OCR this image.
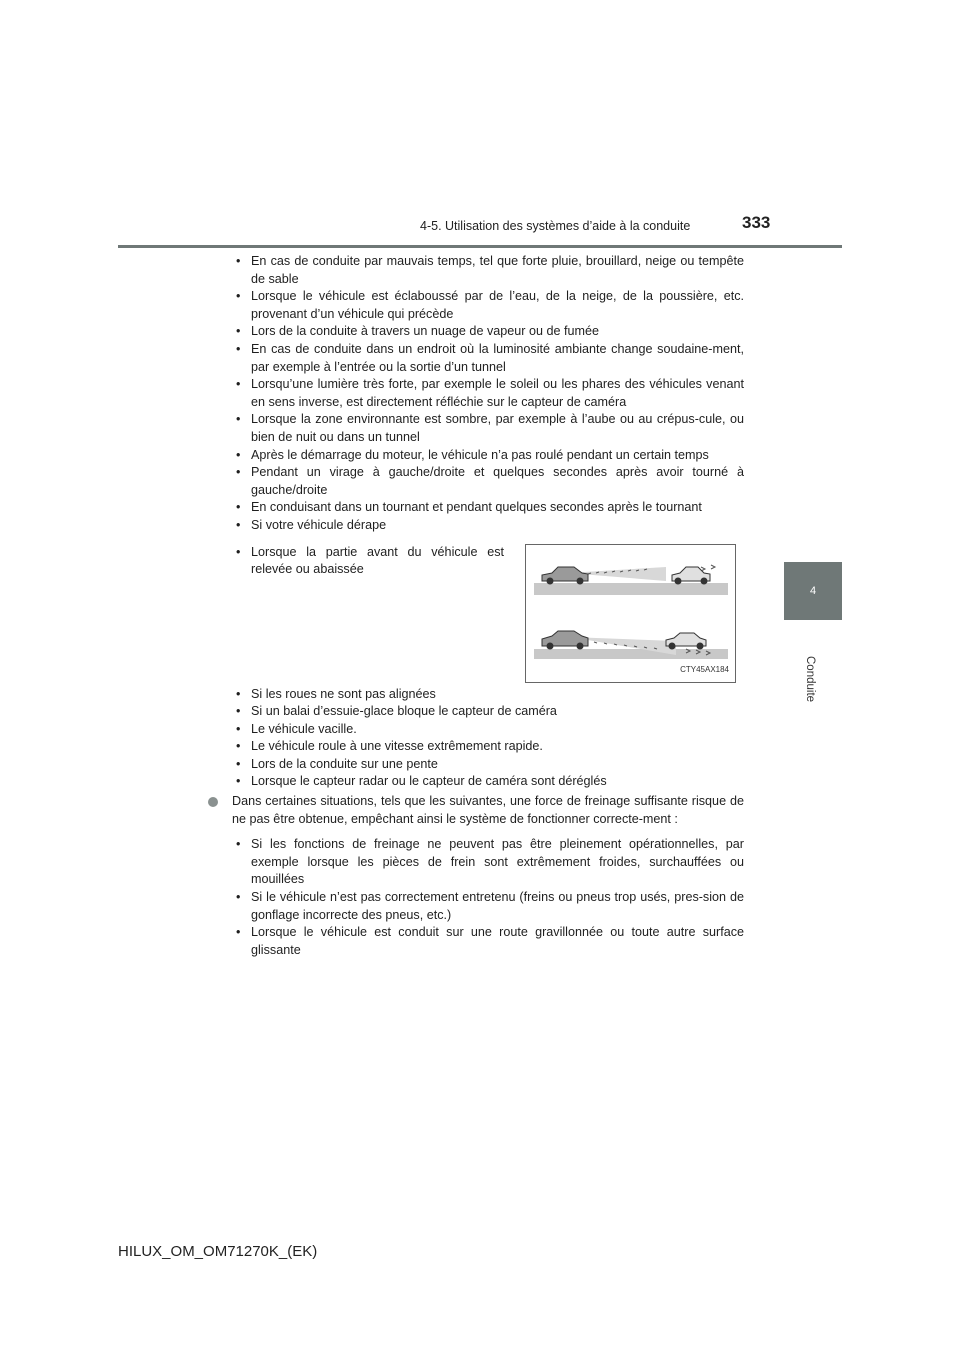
4-5. Utilisation des systèmes d’aide à la conduite	333
4
Conduite
• En cas de conduite par mauvais temps, tel que forte pluie, brouillard, neige ou tempête de sable
• Lorsque le véhicule est éclaboussé par de l’eau, de la neige, de la poussière, etc. provenant d’un véhicule qui précède
• Lors de la conduite à travers un nuage de vapeur ou de fumée
• En cas de conduite dans un endroit où la luminosité ambiante change soudaine-ment, par exemple à l’entrée ou la sortie d’un tunnel
• Lorsqu’une lumière très forte, par exemple le soleil ou les phares des véhicules venant en sens inverse, est directement réfléchie sur le capteur de caméra
• Lorsque la zone environnante est sombre, par exemple à l’aube ou au crépus-cule, ou bien de nuit ou dans un tunnel
• Après le démarrage du moteur, le véhicule n’a pas roulé pendant un certain temps
• Pendant un virage à gauche/droite et quelques secondes après avoir tourné à gauche/droite
• En conduisant dans un tournant et pendant quelques secondes après le tournant
• Si votre véhicule dérape
• Lorsque la partie avant du véhicule est relevée ou abaissée
CTY45AX184
• Si les roues ne sont pas alignées
• Si un balai d’essuie-glace bloque le capteur de caméra
• Le véhicule vacille.
• Le véhicule roule à une vitesse extrêmement rapide.
• Lors de la conduite sur une pente
• Lorsque le capteur radar ou le capteur de caméra sont déréglés
Dans certaines situations, tels que les suivantes, une force de freinage suffisante risque de ne pas être obtenue, empêchant ainsi le système de fonctionner correcte-ment :
• Si les fonctions de freinage ne peuvent pas être pleinement opérationnelles, par exemple lorsque les pièces de frein sont extrêmement froides, surchauffées ou mouillées
• Si le véhicule n’est pas correctement entretenu (freins ou pneus trop usés, pres-sion de gonflage incorrecte des pneus, etc.)
• Lorsque le véhicule est conduit sur une route gravillonnée ou toute autre surface glissante
HILUX_OM_OM71270K_(EK)
